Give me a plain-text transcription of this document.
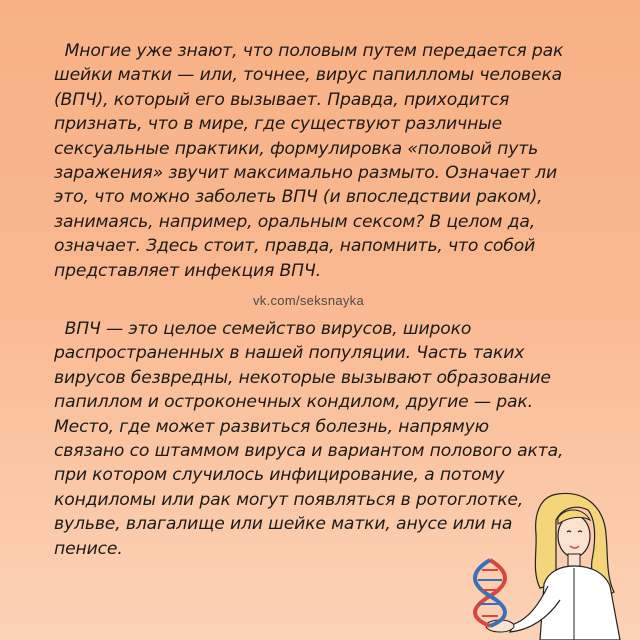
Многие уже знают, что половым путем передается рак шейки матки — или, точнее, вирус папилломы человека (ВПЧ), который его вызывает. Правда, приходится признать, что в мире, где существуют различные сексуальные практики, формулировка «половой путь заражения» звучит максимально размыто. Означает ли это, что можно заболеть ВПЧ (и впоследствии раком), занимаясь, например, оральным сексом? В целом да, означает. Здесь стоит, правда, напомнить, что собой представляет инфекция ВПЧ.

vk.com/seksnayka

ВПЧ — это целое семейство вирусов, широко распространенных в нашей популяции. Часть таких вирусов безвредны, некоторые вызывают образование папиллом и остроконечных кондилом, другие — рак. Место, где может развиться болезнь, напрямую связано со штаммом вируса и вариантом полового акта, при котором случилось инфицирование, а потому кондиломы или рак могут появляться в ротоглотке, вульве, влагалище или шейке матки, анусе или на пенисе.
